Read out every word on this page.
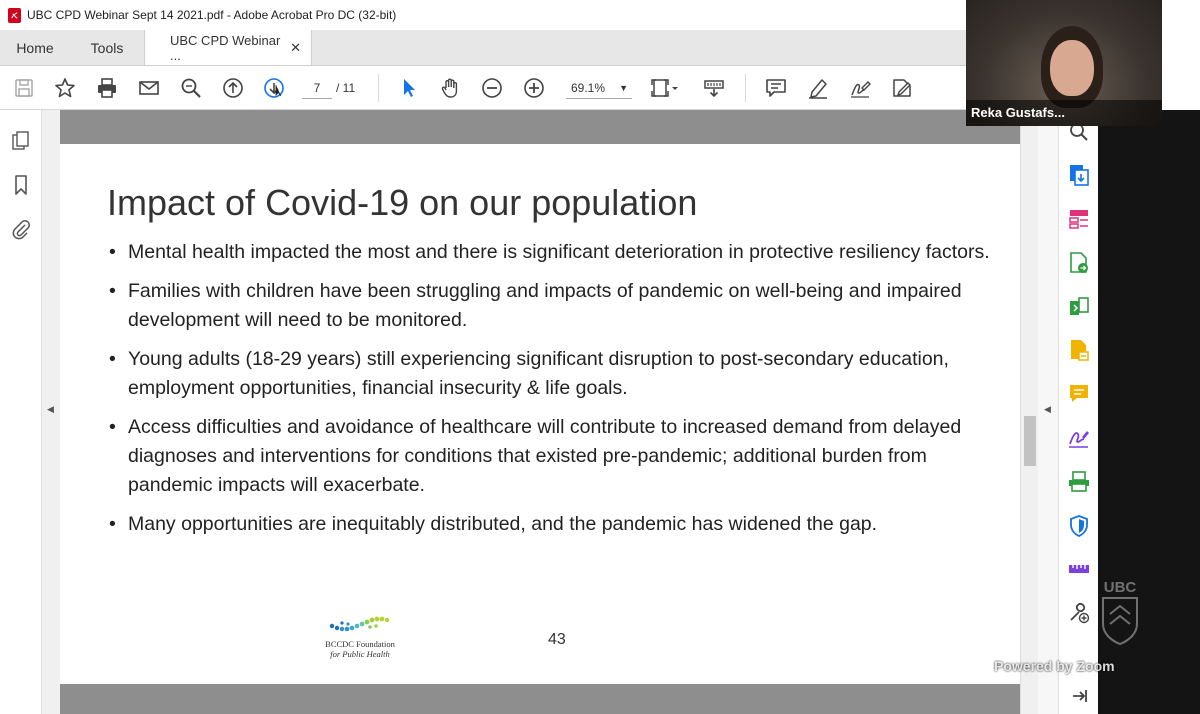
UBC CPD Webinar Sept 14 2021.pdf - Adobe Acrobat Pro DC (32-bit)
Home	Tools	UBC CPD Webinar ...
✕
7	/ 11	69.1% ▼
◀
Impact of Covid-19 on our population
• Mental health impacted the most and there is significant deterioration in protective resiliency factors.
• Families with children have been struggling and impacts of pandemic on well-being and impaired development will need to be monitored.
• Young adults (18-29 years) still experiencing significant disruption to post-secondary education, employment opportunities, financial insecurity & life goals.
• Access difficulties and avoidance of healthcare will contribute to increased demand from delayed diagnoses and interventions for conditions that existed pre-pandemic; additional burden from pandemic impacts will exacerbate.
• Many opportunities are inequitably distributed, and the pandemic has widened the gap.
BCCDC Foundation
for Public Health
43
◀
Reka Gustafs...
UBC
Powered by Zoom
